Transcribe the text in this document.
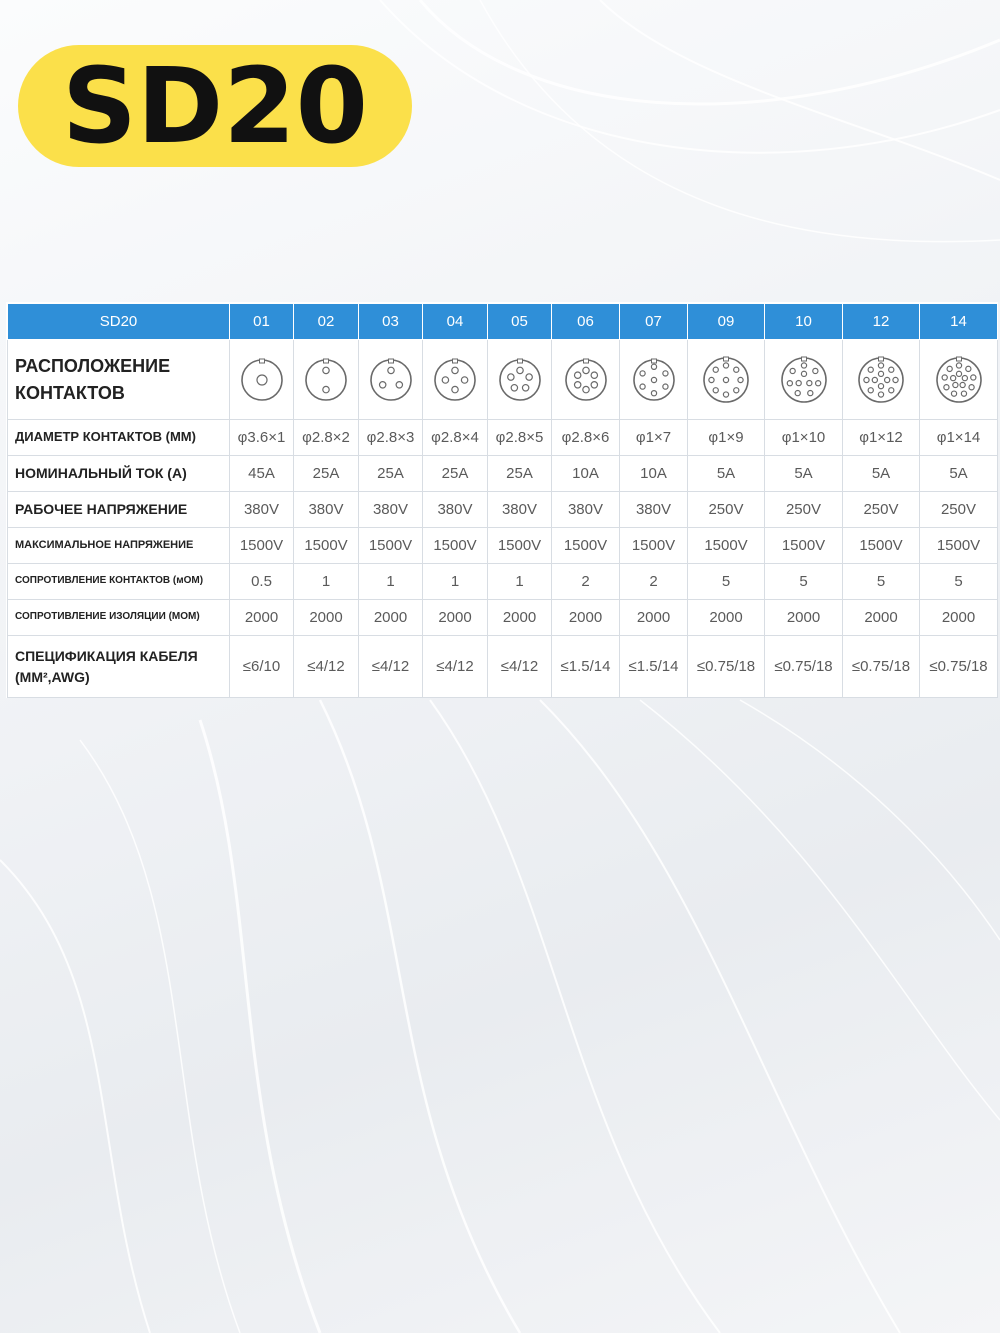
SD20
SD20	01	02	03	04	05	06	07	09	10	12	14
РАСПОЛОЖЕНИЕ КОНТАКТОВ	

ДИАМЕТР КОНТАКТОВ (ММ)	φ3.6×1	φ2.8×2	φ2.8×3	φ2.8×4	φ2.8×5	φ2.8×6	φ1×7	φ1×9	φ1×10	φ1×12	φ1×14
НОМИНАЛЬНЫЙ ТОК (А)	45A	25A	25A	25A	25A	10A	10A	5A	5A	5A	5A
РАБОЧЕЕ НАПРЯЖЕНИЕ	380V	380V	380V	380V	380V	380V	380V	250V	250V	250V	250V
МАКСИМАЛЬНОЕ НАПРЯЖЕНИЕ	1500V	1500V	1500V	1500V	1500V	1500V	1500V	1500V	1500V	1500V	1500V
СОПРОТИВЛЕНИЕ КОНТАКТОВ (мОМ)	0.5	1	1	1	1	2	2	5	5	5	5
СОПРОТИВЛЕНИЕ ИЗОЛЯЦИИ (МОМ)	2000	2000	2000	2000	2000	2000	2000	2000	2000	2000	2000
СПЕЦИФИКАЦИЯ КАБЕЛЯ (ММ²,AWG)	≤6/10	≤4/12	≤4/12	≤4/12	≤4/12	≤1.5/14	≤1.5/14	≤0.75/18	≤0.75/18	≤0.75/18	≤0.75/18
